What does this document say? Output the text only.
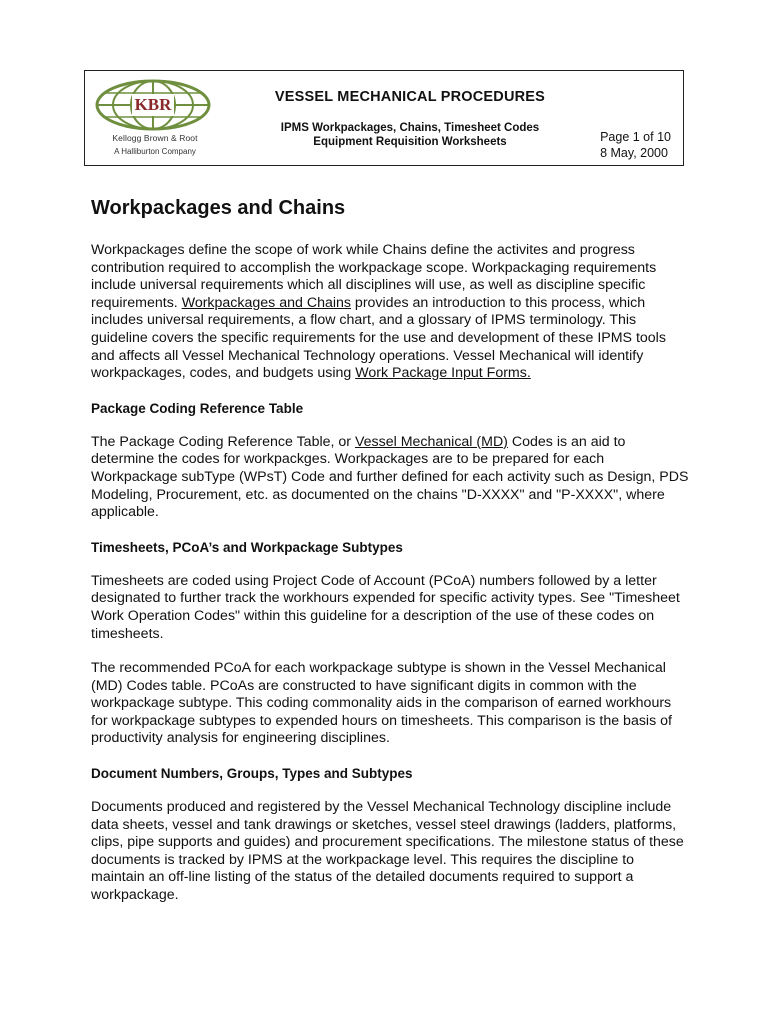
KBR
Kellogg Brown & Root
A Halliburton Company
VESSEL MECHANICAL PROCEDURES
IPMS Workpackages, Chains, Timesheet Codes
Equipment Requisition Worksheets	Page 1 of 10
8 May, 2000
Workpackages and Chains

Workpackages define the scope of work while Chains define the activites and progress contribution required to accomplish the workpackage scope. Workpackaging requirements include universal requirements which all disciplines will use, as well as discipline specific requirements. Workpackages and Chains provides an introduction to this process, which includes universal requirements, a flow chart, and a glossary of IPMS terminology. This guideline covers the specific requirements for the use and development of these IPMS tools and affects all Vessel Mechanical Technology operations. Vessel Mechanical will identify workpackages, codes, and budgets using Work Package Input Forms.

Package Coding Reference Table

The Package Coding Reference Table, or Vessel Mechanical (MD) Codes is an aid to determine the codes for workpackges. Workpackages are to be prepared for each Workpackage subType (WPsT) Code and further defined for each activity such as Design, PDS Modeling, Procurement, etc. as documented on the chains "D-XXXX" and "P-XXXX", where applicable.

Timesheets, PCoA’s and Workpackage Subtypes

Timesheets are coded using Project Code of Account (PCoA) numbers followed by a letter designated to further track the workhours expended for specific activity types. See "Timesheet Work Operation Codes" within this guideline for a description of the use of these codes on timesheets.

The recommended PCoA for each workpackage subtype is shown in the Vessel Mechanical (MD) Codes table. PCoAs are constructed to have significant digits in common with the workpackage subtype. This coding commonality aids in the comparison of earned workhours for workpackage subtypes to expended hours on timesheets. This comparison is the basis of productivity analysis for engineering disciplines.

Document Numbers, Groups, Types and Subtypes

Documents produced and registered by the Vessel Mechanical Technology discipline include data sheets, vessel and tank drawings or sketches, vessel steel drawings (ladders, platforms, clips, pipe supports and guides) and procurement specifications. The milestone status of these documents is tracked by IPMS at the workpackage level. This requires the discipline to maintain an off-line listing of the status of the detailed documents required to support a workpackage.
